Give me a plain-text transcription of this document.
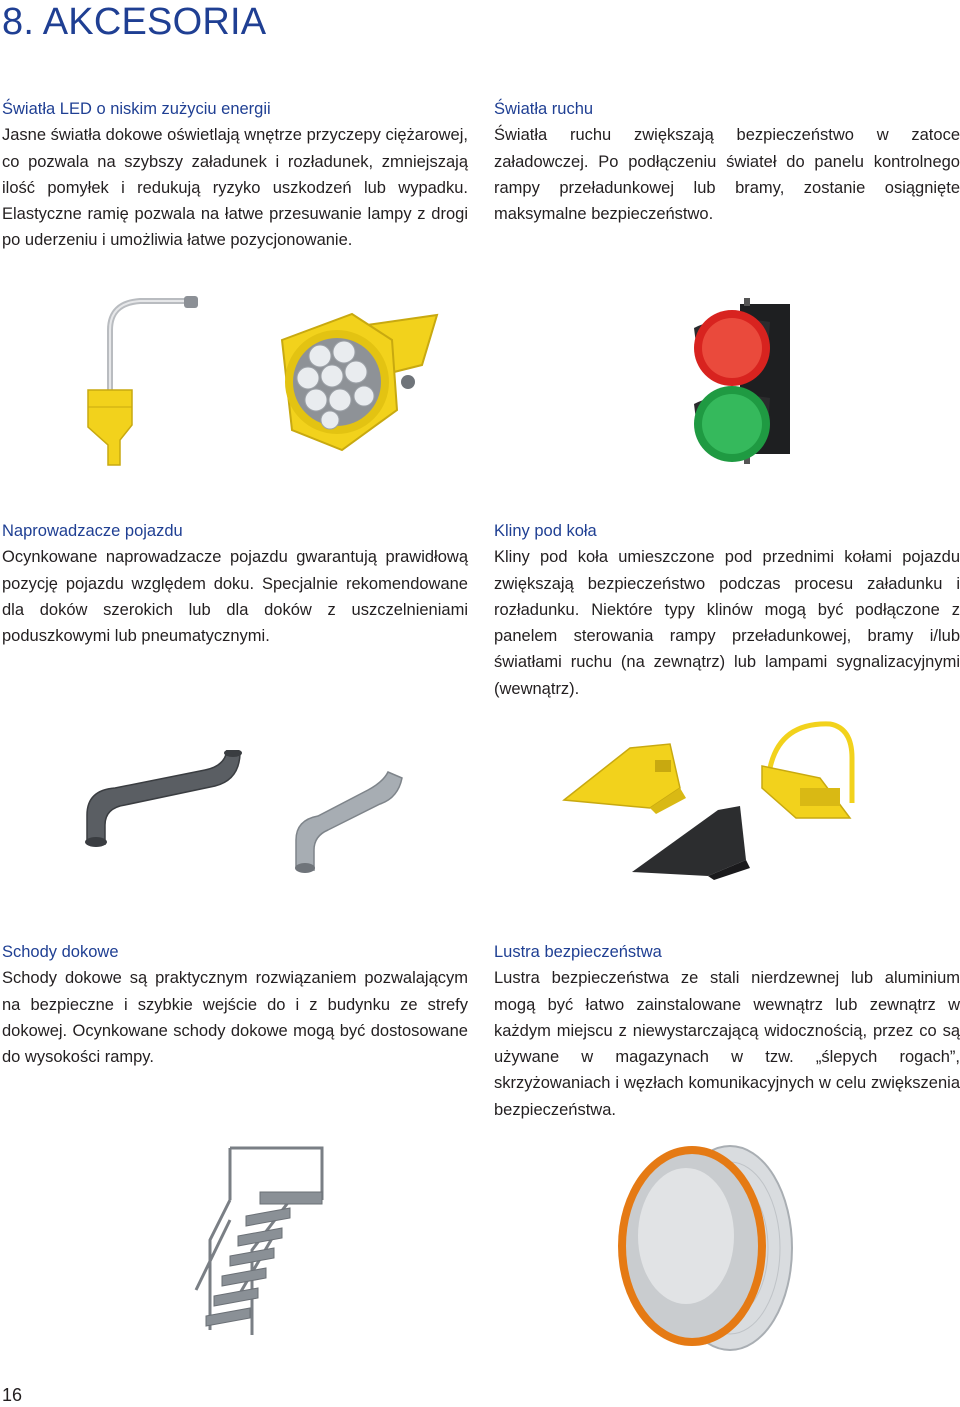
8. AKCESORIA
Światła LED o niskim zużyciu energii

Jasne światła dokowe oświetlają wnętrze przyczepy ciężarowej, co pozwala na szybszy załadunek i rozładunek, zmniejszają ilość pomyłek i redukują ryzyko uszkodzeń lub wypadku. Elastyczne ramię pozwala na łatwe przesuwanie lampy z drogi po uderzeniu i umożliwia łatwe pozycjonowanie.

Światła ruchu

Światła ruchu zwiększają bezpieczeństwo w zatoce załadowczej. Po podłączeniu świateł do panelu kontrolnego rampy przeładunkowej lub bramy, zostanie osiągnięte maksymalne bezpieczeństwo.

Naprowadzacze pojazdu

Ocynkowane naprowadzacze pojazdu gwarantują prawidłową pozycję pojazdu względem doku. Specjalnie rekomendowane dla doków szerokich lub dla doków z uszczelnieniami poduszkowymi lub pneumatycznymi.

Kliny pod koła

Kliny pod koła umieszczone pod przednimi kołami pojazdu zwiększają bezpieczeństwo podczas procesu załadunku i rozładunku. Niektóre typy klinów mogą być podłączone z panelem sterowania rampy przeładunkowej, bramy i/lub światłami ruchu (na zewnątrz) lub lampami sygnalizacyjnymi (wewnątrz).

Schody dokowe

Schody dokowe są praktycznym rozwiązaniem pozwalającym na bezpieczne i szybkie wejście do i z budynku ze strefy dokowej. Ocynkowane schody dokowe mogą być dostosowane do wysokości rampy.

Lustra bezpieczeństwa

Lustra bezpieczeństwa ze stali nierdzewnej lub aluminium mogą być łatwo zainstalowane wewnątrz lub zewnątrz w każdym miejscu z niewystarczającą widocznością, przez co są używane w magazynach w tzw. „ślepych rogach”, skrzyżowaniach i węzłach komunikacyjnych w celu zwiększenia bezpieczeństwa.

16
